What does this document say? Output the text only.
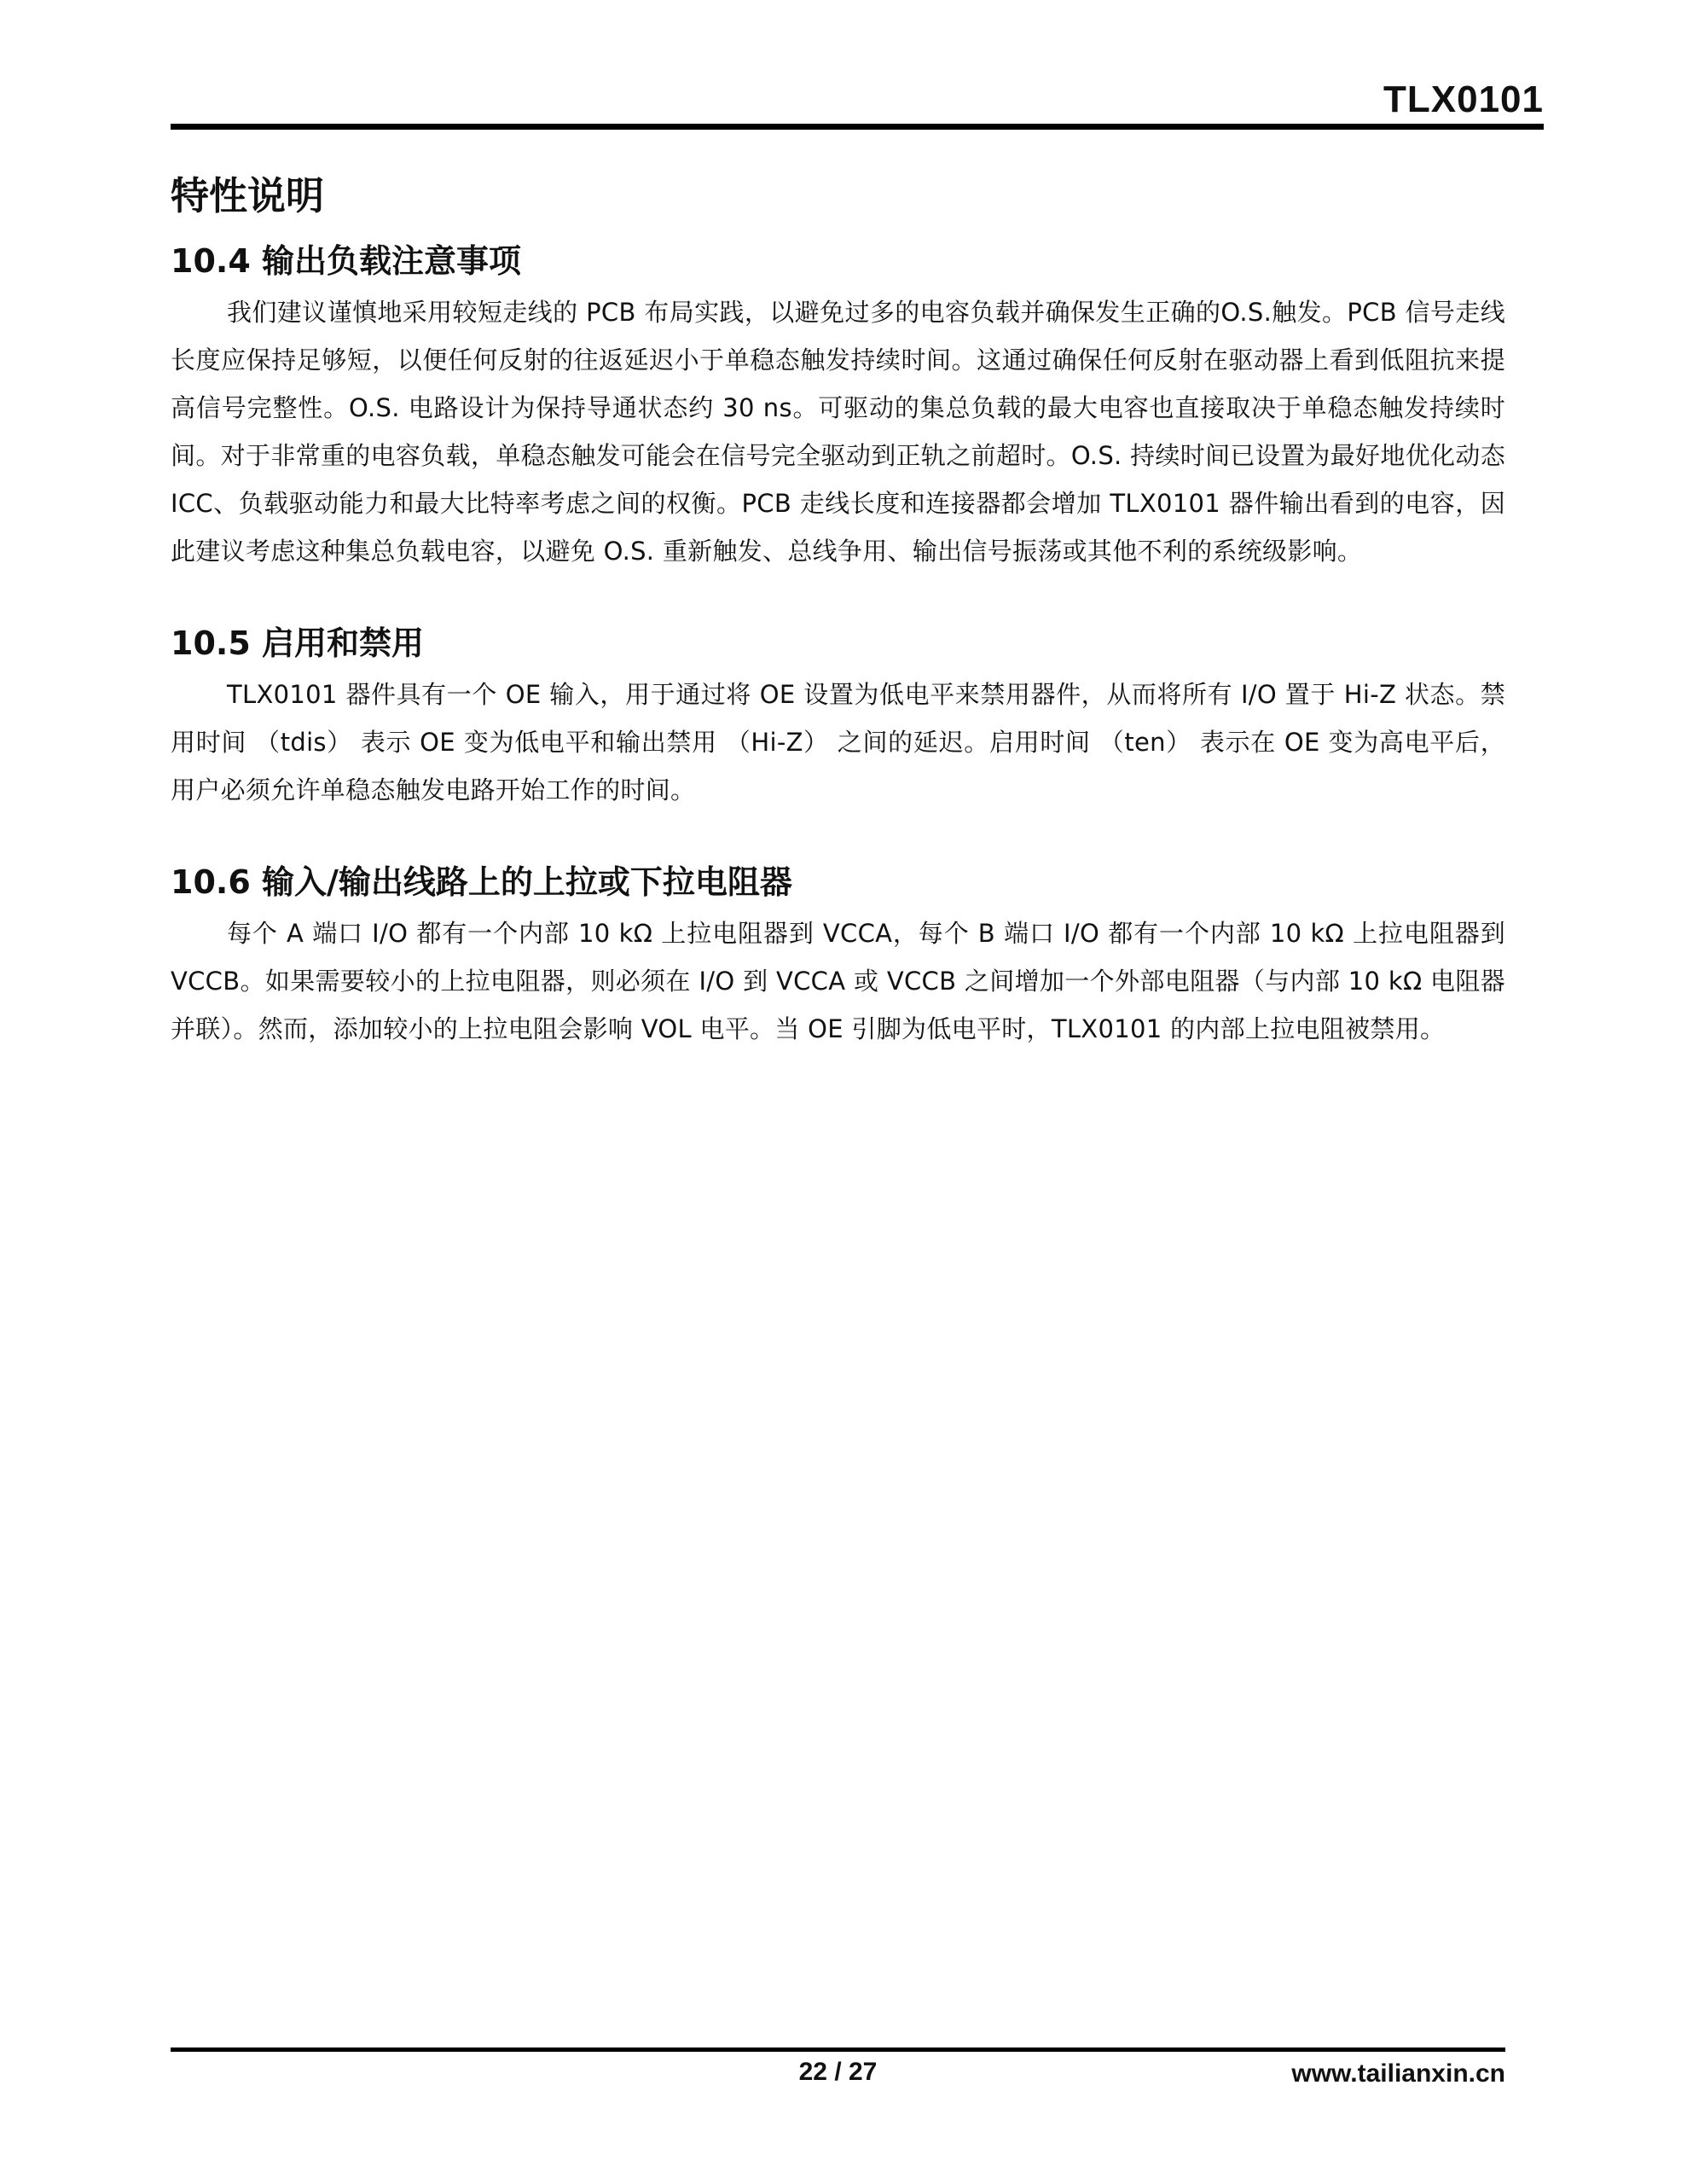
TLX0101
特性说明
10.4 输出负载注意事项

我们建议谨慎地采用较短走线的 PCB 布局实践，以避免过多的电容负载并确保发生正确的O.S.触发。PCB 信号走线长度应保持足够短，以便任何反射的往返延迟小于单稳态触发持续时间。这通过确保任何反射在驱动器上看到低阻抗来提高信号完整性。O.S. 电路设计为保持导通状态约 30 ns。可驱动的集总负载的最大电容也直接取决于单稳态触发持续时间。对于非常重的电容负载，单稳态触发可能会在信号完全驱动到正轨之前超时。O.S. 持续时间已设置为最好地优化动态 ICC、负载驱动能力和最大比特率考虑之间的权衡。PCB 走线长度和连接器都会增加 TLX0101 器件输出看到的电容，因此建议考虑这种集总负载电容，以避免 O.S. 重新触发、总线争用、输出信号振荡或其他不利的系统级影响。

10.5 启用和禁用

TLX0101 器件具有一个 OE 输入，用于通过将 OE 设置为低电平来禁用器件，从而将所有 I/O 置于 Hi-Z 状态。禁用时间 （tdis） 表示 OE 变为低电平和输出禁用 （Hi-Z） 之间的延迟。启用时间 （ten） 表示在 OE 变为高电平后，用户必须允许单稳态触发电路开始工作的时间。

10.6 输入/输出线路上的上拉或下拉电阻器

每个 A 端口 I/O 都有一个内部 10 kΩ 上拉电阻器到 VCCA，每个 B 端口 I/O 都有一个内部 10 kΩ 上拉电阻器到 VCCB。如果需要较小的上拉电阻器，则必须在 I/O 到 VCCA 或 VCCB 之间增加一个外部电阻器（与内部 10 kΩ 电阻器并联）。然而，添加较小的上拉电阻会影响 VOL 电平。当 OE 引脚为低电平时，TLX0101 的内部上拉电阻被禁用。

22 / 27	www.tailianxin.cn
